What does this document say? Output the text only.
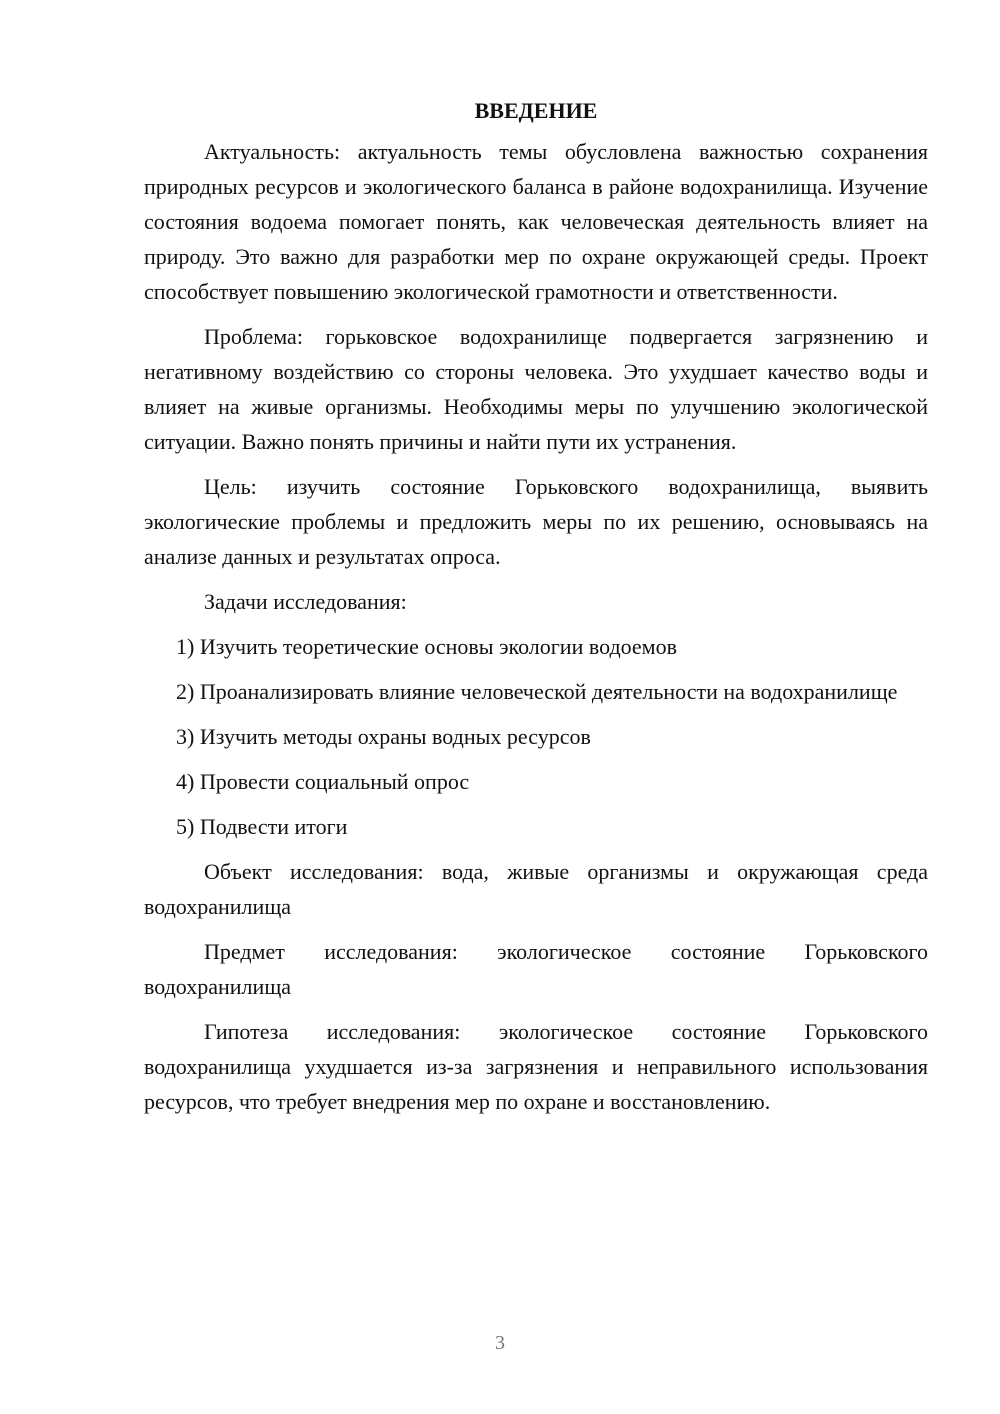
ВВЕДЕНИЕ

Актуальность: актуальность темы обусловлена важностью сохранения природных ресурсов и экологического баланса в районе водохранилища. Изучение состояния водоема помогает понять, как человеческая деятельность влияет на природу. Это важно для разработки мер по охране окружающей среды. Проект способствует повышению экологической грамотности и ответственности.

Проблема: горьковское водохранилище подвергается загрязнению и негативному воздействию со стороны человека. Это ухудшает качество воды и влияет на живые организмы. Необходимы меры по улучшению экологической ситуации. Важно понять причины и найти пути их устранения.

Цель: изучить состояние Горьковского водохранилища, выявить экологические проблемы и предложить меры по их решению, основываясь на анализе данных и результатах опроса.

Задачи исследования:

1) Изучить теоретические основы экологии водоемов

2) Проанализировать влияние человеческой деятельности на водохранилище

3) Изучить методы охраны водных ресурсов

4) Провести социальный опрос

5) Подвести итоги

Объект исследования: вода, живые организмы и окружающая среда водохранилища

Предмет исследования: экологическое состояние Горьковского водохранилища

Гипотеза исследования: экологическое состояние Горьковского водохранилища ухудшается из-за загрязнения и неправильного использования ресурсов, что требует внедрения мер по охране и восстановлению.

3
